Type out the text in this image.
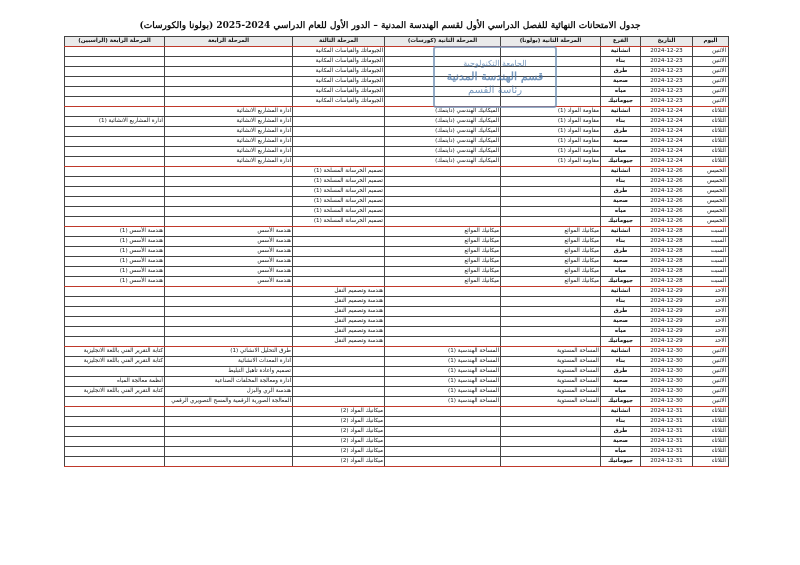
جدول الامتحانات النهائية للفصل الدراسي الأول لقسم الهندسة المدنية – الدور الأول للعام الدراسي 2024-2025 (بولونا والكورسات)
اليوم	التاريخ	الفرع	المرحلة الثانية (بولونا)	المرحلة الثانية (كورسات)	المرحلة الثالثة	المرحلة الرابعة	المرحلة الرابعة (الراسبين)
الاثنين	2024-12-23	انشائية			الجيوماتك والقياسات المكانية		
الاثنين	2024-12-23	بناء			الجيوماتك والقياسات المكانية		
الاثنين	2024-12-23	طرق			الجيوماتك والقياسات المكانية		
الاثنين	2024-12-23	صحية			الجيوماتك والقياسات المكانية		
الاثنين	2024-12-23	مياه			الجيوماتك والقياسات المكانية		
الاثنين	2024-12-23	جيوماتيك			الجيوماتك والقياسات المكانية		
الثلاثاء	2024-12-24	انشائية	مقاومة المواد (1)	الميكانيك الهندسي (داينمك)		ادارة المشاريع الانشائية	
الثلاثاء	2024-12-24	بناء	مقاومة المواد (1)	الميكانيك الهندسي (داينمك)		ادارة المشاريع الانشائية	ادارة المشاريع الانشائية (1)
الثلاثاء	2024-12-24	طرق	مقاومة المواد (1)	الميكانيك الهندسي (داينمك)		ادارة المشاريع الانشائية	
الثلاثاء	2024-12-24	صحية	مقاومة المواد (1)	الميكانيك الهندسي (داينمك)		ادارة المشاريع الانشائية	
الثلاثاء	2024-12-24	مياه	مقاومة المواد (1)	الميكانيك الهندسي (داينمك)		ادارة المشاريع الانشائية	
الثلاثاء	2024-12-24	جيوماتيك	مقاومة المواد (1)	الميكانيك الهندسي (داينمك)		ادارة المشاريع الانشائية	
الخميس	2024-12-26	انشائية			تصميم الخرسانة المسلحة (1)		
الخميس	2024-12-26	بناء			تصميم الخرسانة المسلحة (1)		
الخميس	2024-12-26	طرق			تصميم الخرسانة المسلحة (1)		
الخميس	2024-12-26	صحية			تصميم الخرسانة المسلحة (1)		
الخميس	2024-12-26	مياه			تصميم الخرسانة المسلحة (1)		
الخميس	2024-12-26	جيوماتيك			تصميم الخرسانة المسلحة (1)		
السبت	2024-12-28	انشائية	ميكانيك الموائع	ميكانيك الموائع		هندسة الأسس	هندسة الأسس (1)
السبت	2024-12-28	بناء	ميكانيك الموائع	ميكانيك الموائع		هندسة الأسس	هندسة الأسس (1)
السبت	2024-12-28	طرق	ميكانيك الموائع	ميكانيك الموائع		هندسة الأسس	هندسة الأسس (1)
السبت	2024-12-28	صحية	ميكانيك الموائع	ميكانيك الموائع		هندسة الأسس	هندسة الأسس (1)
السبت	2024-12-28	مياه	ميكانيك الموائع	ميكانيك الموائع		هندسة الأسس	هندسة الأسس (1)
السبت	2024-12-28	جيوماتيك	ميكانيك الموائع	ميكانيك الموائع		هندسة الأسس	هندسة الأسس (1)
الاحد	2024-12-29	انشائية			هندسة وتصميم النقل		
الاحد	2024-12-29	بناء			هندسة وتصميم النقل		
الاحد	2024-12-29	طرق			هندسة وتصميم النقل		
الاحد	2024-12-29	صحية			هندسة وتصميم النقل		
الاحد	2024-12-29	مياه			هندسة وتصميم النقل		
الاحد	2024-12-29	جيوماتيك			هندسة وتصميم النقل		
الاثنين	2024-12-30	انشائية	المساحة المستوية	المساحة الهندسية (1)		طرق التحليل الانشائي (1)	كتابة التقرير الفني باللغة الانجليزية
الاثنين	2024-12-30	بناء	المساحة المستوية	المساحة الهندسية (1)		ادارة المعدات الانشائية	كتابة التقرير الفني باللغة الانجليزية
الاثنين	2024-12-30	طرق	المساحة المستوية	المساحة الهندسية (1)		تصميم واعادة تأهيل التبليط	
الاثنين	2024-12-30	صحية	المساحة المستوية	المساحة الهندسية (1)		ادارة ومعالجة المخلفات الصناعية	أنظمة معالجة المياه
الاثنين	2024-12-30	مياه	المساحة المستوية	المساحة الهندسية (1)		هندسة الري والبزل	كتابة التقرير الفني باللغة الانجليزية
الاثنين	2024-12-30	جيوماتيك	المساحة المستوية	المساحة الهندسية (1)		المعالجة الصورية الرقمية والمسح التصويري الرقمي	
الثلاثاء	2024-12-31	انشائية			ميكانيك المواد (2)		
الثلاثاء	2024-12-31	بناء			ميكانيك المواد (2)		
الثلاثاء	2024-12-31	طرق			ميكانيك المواد (2)		
الثلاثاء	2024-12-31	صحية			ميكانيك المواد (2)		
الثلاثاء	2024-12-31	مياه			ميكانيك المواد (2)		
الثلاثاء	2024-12-31	جيوماتيك			ميكانيك المواد (2)		
الجامعة التكنولوجية
قسم الهندسة المدنية
رئاسة القسم
